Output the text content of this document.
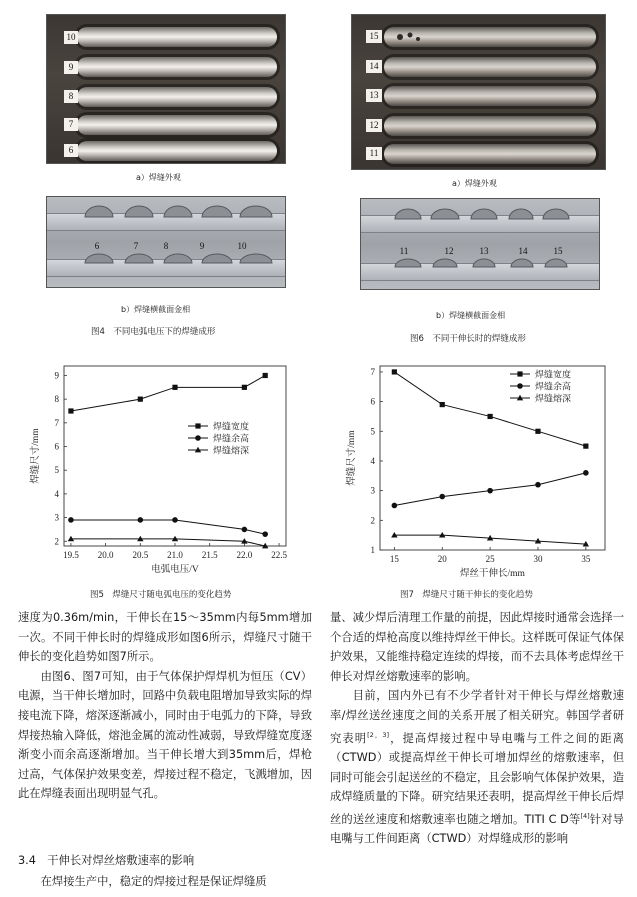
10
9
8
7
6
a）焊缝外观
6	7	8	9	10
b）焊缝横截面金相
图4　不同电弧电压下的焊缝成形
15
14
13
12
11
a）焊缝外观
11	12	13	14	15
b）焊缝横截面金相
图6　不同干伸长时的焊缝成形
19.5 20.0 20.5 21.0 21.5 22.0 22.5
2
3
4
5
6
7
8
9
电弧电压/V
焊缝尺寸/mm
焊缝宽度
焊缝余高
焊缝熔深
图5　焊缝尺寸随电弧电压的变化趋势
15	20	25	30	35
1
2
3
4
5
6
7
焊丝干伸长/mm
焊缝尺寸/mm
焊缝宽度
焊缝余高
焊缝熔深
图7　焊缝尺寸随干伸长的变化趋势

速度为0.36m/min，干伸长在15～35mm内每5mm增加一次。不同干伸长时的焊缝成形如图6所示，焊缝尺寸随干伸长的变化趋势如图7所示。

由图6、图7可知，由于气体保护焊焊机为恒压（CV）电源，当干伸长增加时，回路中负载电阻增加导致实际的焊接电流下降，熔深逐渐减小，同时由于电弧力的下降，导致焊接热输入降低，熔池金属的流动性减弱，导致焊缝宽度逐渐变小而余高逐渐增加。当干伸长增大到35mm后，焊枪过高，气体保护效果变差，焊接过程不稳定，飞溅增加，因此在焊缝表面出现明显气孔。

3.4　干伸长对焊丝熔敷速率的影响

在焊接生产中，稳定的焊接过程是保证焊缝质

量、减少焊后清理工作量的前提，因此焊接时通常会选择一个合适的焊枪高度以维持焊丝干伸长。这样既可保证气体保护效果，又能维持稳定连续的焊接，而不去具体考虑焊丝干伸长对焊丝熔敷速率的影响。

目前，国内外已有不少学者针对干伸长与焊丝熔敷速率/焊丝送丝速度之间的关系开展了相关研究。韩国学者研究表明[2，3]，提高焊接过程中导电嘴与工件之间的距离（CTWD）或提高焊丝干伸长可增加焊丝的熔敷速率，但同时可能会引起送丝的不稳定，且会影响气体保护效果，造成焊缝质量的下降。研究结果还表明，提高焊丝干伸长后焊丝的送丝速度和熔敷速率也随之增加。TITI C D等[4]针对导电嘴与工件间距离（CTWD）对焊缝成形的影响
